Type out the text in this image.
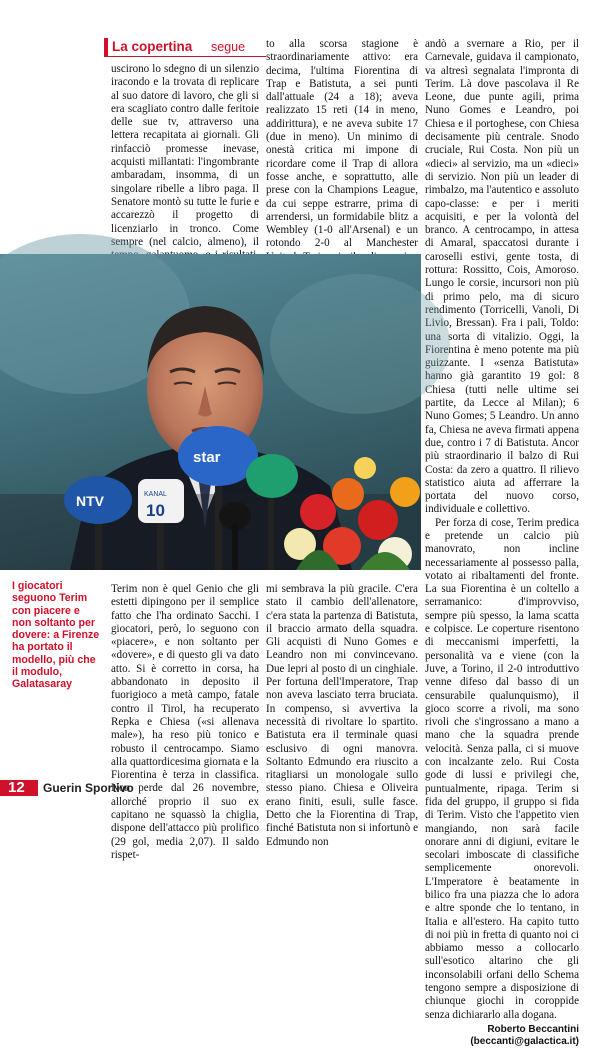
La copertina segue

uscirono lo sdegno di un silenzio iracondo e la trovata di replicare al suo datore di lavoro, che gli si era scagliato contro dalle feritoie delle sue tv, attraverso una lettera recapitata ai giornali. Gli rinfacciò promesse inevase, acquisti millantati: l'ingombrante ambaradam, insomma, di un singolare ribelle a libro paga. Il Senatore montò su tutte le furie e accarezzò il progetto di licenziarlo in tronco. Come sempre (nel calcio, almeno), il

to alla scorsa stagione è straordinariamente attivo: era decima, l'ultima Fiorentina di Trap e Batistuta, a sei punti dall'attuale (24 a 18); aveva realizzato 15 reti (14 in meno, addirittura), e ne aveva subite 17 (due in meno). Un minimo di onestà critica mi impone di ricordare come il Trap di allora fosse anche, e soprattutto, alle prese con la Champions League, da cui seppe estrarre, prima di arrendersi, un formidabile blitz a Wembley (1-0 all'Arsenal) e un rotondo 2-0 al Manchester

andò a svernare a Rio, per il Carnevale, guidava il campionato, va altresì segnalata l'impronta di Terim. Là dove pascolava il Re Leone, due punte agili, prima Nuno Gomes e Leandro, poi Chiesa e il portoghese, con Chiesa decisamente più centrale. Snodo cruciale, Rui Costa. Non più un «dieci» al servizio, ma un «dieci» di servizio. Non più un leader di rimbalzo, ma l'autentico e assoluto capo-classe: e per i meriti acquisiti, e per la volontà del branco. A centrocampo, in attesa di Amaral, spaccatosi durante i caroselli estivi, gente tosta, di rottura: Rossitto, Cois, Amoroso. Lungo le corsie, incursori non più di primo pelo, ma di sicuro rendimento (Torricelli, Vanoli, Di Livio, Bressan). Fra i pali, Toldo: una sorta di vitalizio. Oggi, la Fiorentina è meno potente ma più guizzante. I «senza Batistuta» hanno già garantito 19 gol: 8 Chiesa (tutti nelle ultime sei partite, da Lecce al Milan); 6 Nuno Gomes; 5 Leandro. Un anno fa, Chiesa ne aveva firmati appena due, contro i 7 di Batistuta. Ancor più straordinario il balzo di Rui Costa: da zero a quattro. Il rilievo statistico aiuta ad afferrare la portata del nuovo corso, individuale e collettivo.

Per forza di cose, Terim predica e pretende un calcio più manovrato, non incline necessariamente al possesso palla, votato ai ribaltamenti del fronte. La sua Fiorentina è un coltello a serramanico: d'improvviso, sempre più spesso, la lama scatta e colpisce. Le coperture risentono di meccanismi imperfetti, la personalità va e viene (con la Juve, a Torino, il 2-0 introduttivo venne difeso dal basso di un censurabile qualunquismo), il gioco scorre a rivoli, ma sono rivoli che s'ingrossano a mano a mano che la squadra prende velocità. Senza palla, ci si muove con incalzante zelo. Rui Costa gode di lussi e privilegi che, puntualmente, ripaga. Terim si fida del gruppo, il gruppo si fida di Terim. Visto che l'appetito vien mangiando, non sarà facile onorare anni di digiuni, evitare le secolari imboscate di classifiche semplicemente onorevoli. L'Imperatore è beatamente in bilico fra una piazza che lo adora e altre sponde che lo tentano, in Italia e all'estero. Ha capito tutto di noi più in fretta di quanto noi ci abbiamo messo a collocarlo sull'esotico altarino che gli inconsolabili orfani dello Schema tengono sempre a disposizione di chiunque giochi in coroppide senza dichiararlo alla dogana.

Roberto Beccantini
(beccanti@galactica.it)
NTV	KANAL
10
star
I giocatori seguono Terim con piacere e non soltanto per dovere: a Firenze ha portato il modello, più che il modulo, Galatasaray

Terim non è quel Genio che gli estetti dipingono per il semplice fatto che l'ha ordinato Sacchi. I giocatori, però, lo seguono con «piacere», e non soltanto per «dovere», e di questo gli va dato atto. Si è corretto in corsa, ha abbandonato in deposito il fuorigioco a metà campo, fatale contro il Tirol, ha recuperato Repka e Chiesa («si allenava male»), ha reso più tonico e robusto il centrocampo. Siamo alla quattordicesima giornata e la Fiorentina è terza in classifica. Non perde dal 26 novembre, allorché proprio il suo ex capitano ne squassò la chiglia, dispone dell'attacco più prolifico (29 gol, media 2,07). Il saldo rispet-

mi sembrava la più gracile. C'era stato il cambio dell'allenatore, c'era stata la partenza di Batistuta, il braccio armato della squadra. Gli acquisti di Nuno Gomes e Leandro non mi convincevano. Due lepri al posto di un cinghiale. Per fortuna dell'Imperatore, Trap non aveva lasciato terra bruciata. In compenso, si avvertiva la necessità di rivoltare lo spartito. Batistuta era il terminale quasi esclusivo di ogni manovra. Soltanto Edmundo era riuscito a ritagliarsi un monologale sullo stesso piano. Chiesa e Oliveira erano finiti, esuli, sulle fasce. Detto che la Fiorentina di Trap, finché Batistuta non si infortunò e Edmundo non

12 Guerin Sportivo
